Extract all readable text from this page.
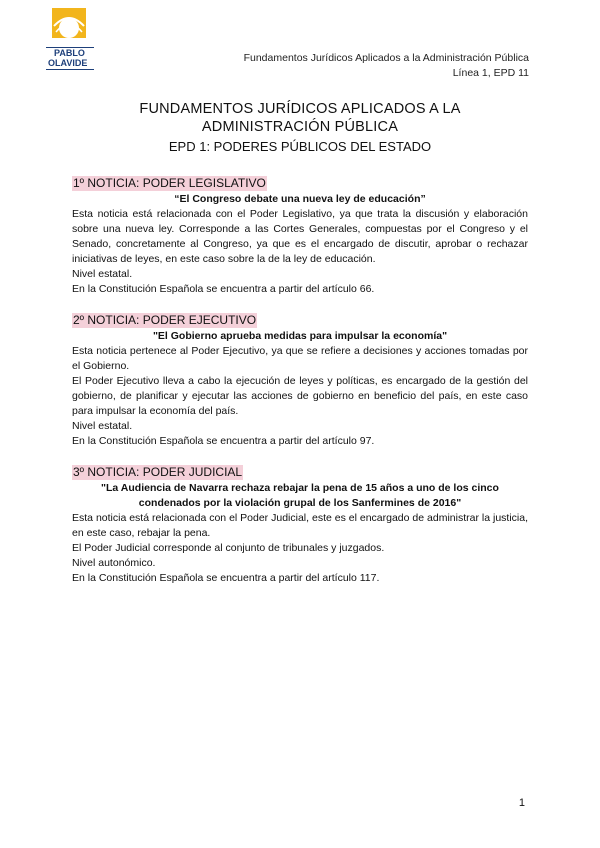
PABLO
OLAVIDE	Fundamentos Jurídicos Aplicados a la Administración Pública
Línea 1, EPD 11
FUNDAMENTOS JURÍDICOS APLICADOS A LA
ADMINISTRACIÓN PÚBLICA
EPD 1: PODERES PÚBLICOS DEL ESTADO
1º NOTICIA: PODER LEGISLATIVO
“El Congreso debate una nueva ley de educación”

Esta noticia está relacionada con el Poder Legislativo, ya que trata la discusión y elaboración sobre una nueva ley. Corresponde a las Cortes Generales, compuestas por el Congreso y el Senado, concretamente al Congreso, ya que es el encargado de discutir, aprobar o rechazar iniciativas de leyes, en este caso sobre la de la ley de educación.

Nivel estatal.

En la Constitución Española se encuentra a partir del artículo 66.

2º NOTICIA: PODER EJECUTIVO
"El Gobierno aprueba medidas para impulsar la economía"

Esta noticia pertenece al Poder Ejecutivo, ya que se refiere a decisiones y acciones tomadas por el Gobierno.

El Poder Ejecutivo lleva a cabo la ejecución de leyes y políticas, es encargado de la gestión del gobierno, de planificar y ejecutar las acciones de gobierno en beneficio del país, en este caso para impulsar la economía del país.

Nivel estatal.

En la Constitución Española se encuentra a partir del artículo 97.

3º NOTICIA: PODER JUDICIAL
"La Audiencia de Navarra rechaza rebajar la pena de 15 años a uno de los cinco condenados por la violación grupal de los Sanfermines de 2016"

Esta noticia está relacionada con el Poder Judicial, este es el encargado de administrar la justicia, en este caso, rebajar la pena.

El Poder Judicial corresponde al conjunto de tribunales y juzgados.

Nivel autonómico.

En la Constitución Española se encuentra a partir del artículo 117.

1
